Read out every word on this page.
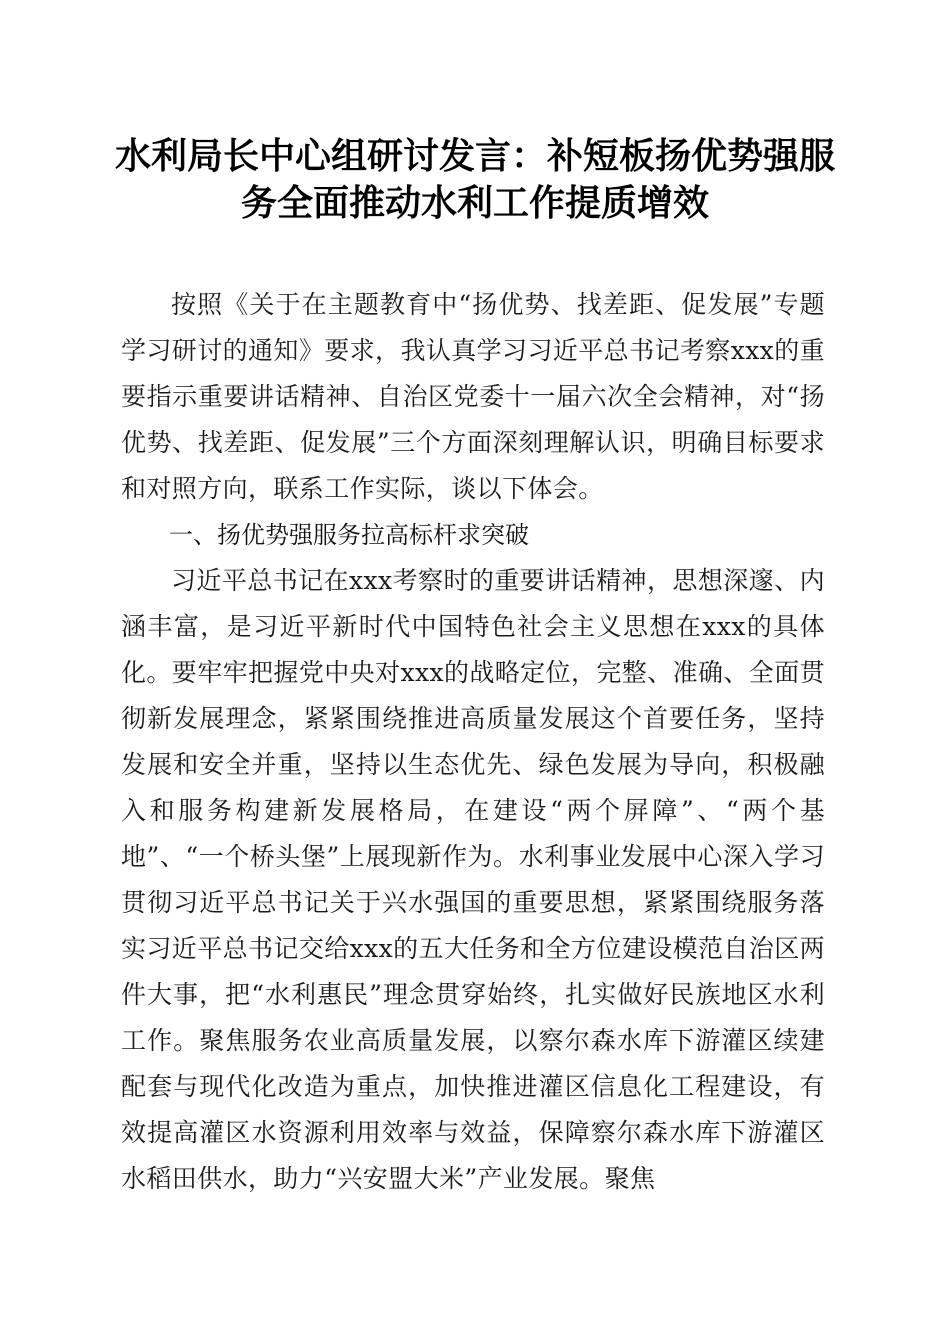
水利局长中心组研讨发言：补短板扬优势强服
务全面推动水利工作提质增效

按照《关于在主题教育中“扬优势、找差距、促发展”专题学习研讨的通知》要求，我认真学习习近平总书记考察xxx的重要指示重要讲话精神、自治区党委十一届六次全会精神，对“扬优势、找差距、促发展”三个方面深刻理解认识，明确目标要求和对照方向，联系工作实际，谈以下体会。

一、扬优势强服务拉高标杆求突破

习近平总书记在xxx考察时的重要讲话精神，思想深邃、内涵丰富，是习近平新时代中国特色社会主义思想在xxx的具体化。要牢牢把握党中央对xxx的战略定位，完整、准确、全面贯彻新发展理念，紧紧围绕推进高质量发展这个首要任务，坚持发展和安全并重，坚持以生态优先、绿色发展为导向，积极融入和服务构建新发展格局，在建设“两个屏障”、“两个基地”、“一个桥头堡”上展现新作为。水利事业发展中心深入学习贯彻习近平总书记关于兴水强国的重要思想，紧紧围绕服务落实习近平总书记交给xxx的五大任务和全方位建设模范自治区两件大事，把“水利惠民”理念贯穿始终，扎实做好民族地区水利工作。聚焦服务农业高质量发展，以察尔森水库下游灌区续建配套与现代化改造为重点，加快推进灌区信息化工程建设，有效提高灌区水资源利用效率与效益，保障察尔森水库下游灌区水稻田供水，助力“兴安盟大米”产业发展。聚焦
